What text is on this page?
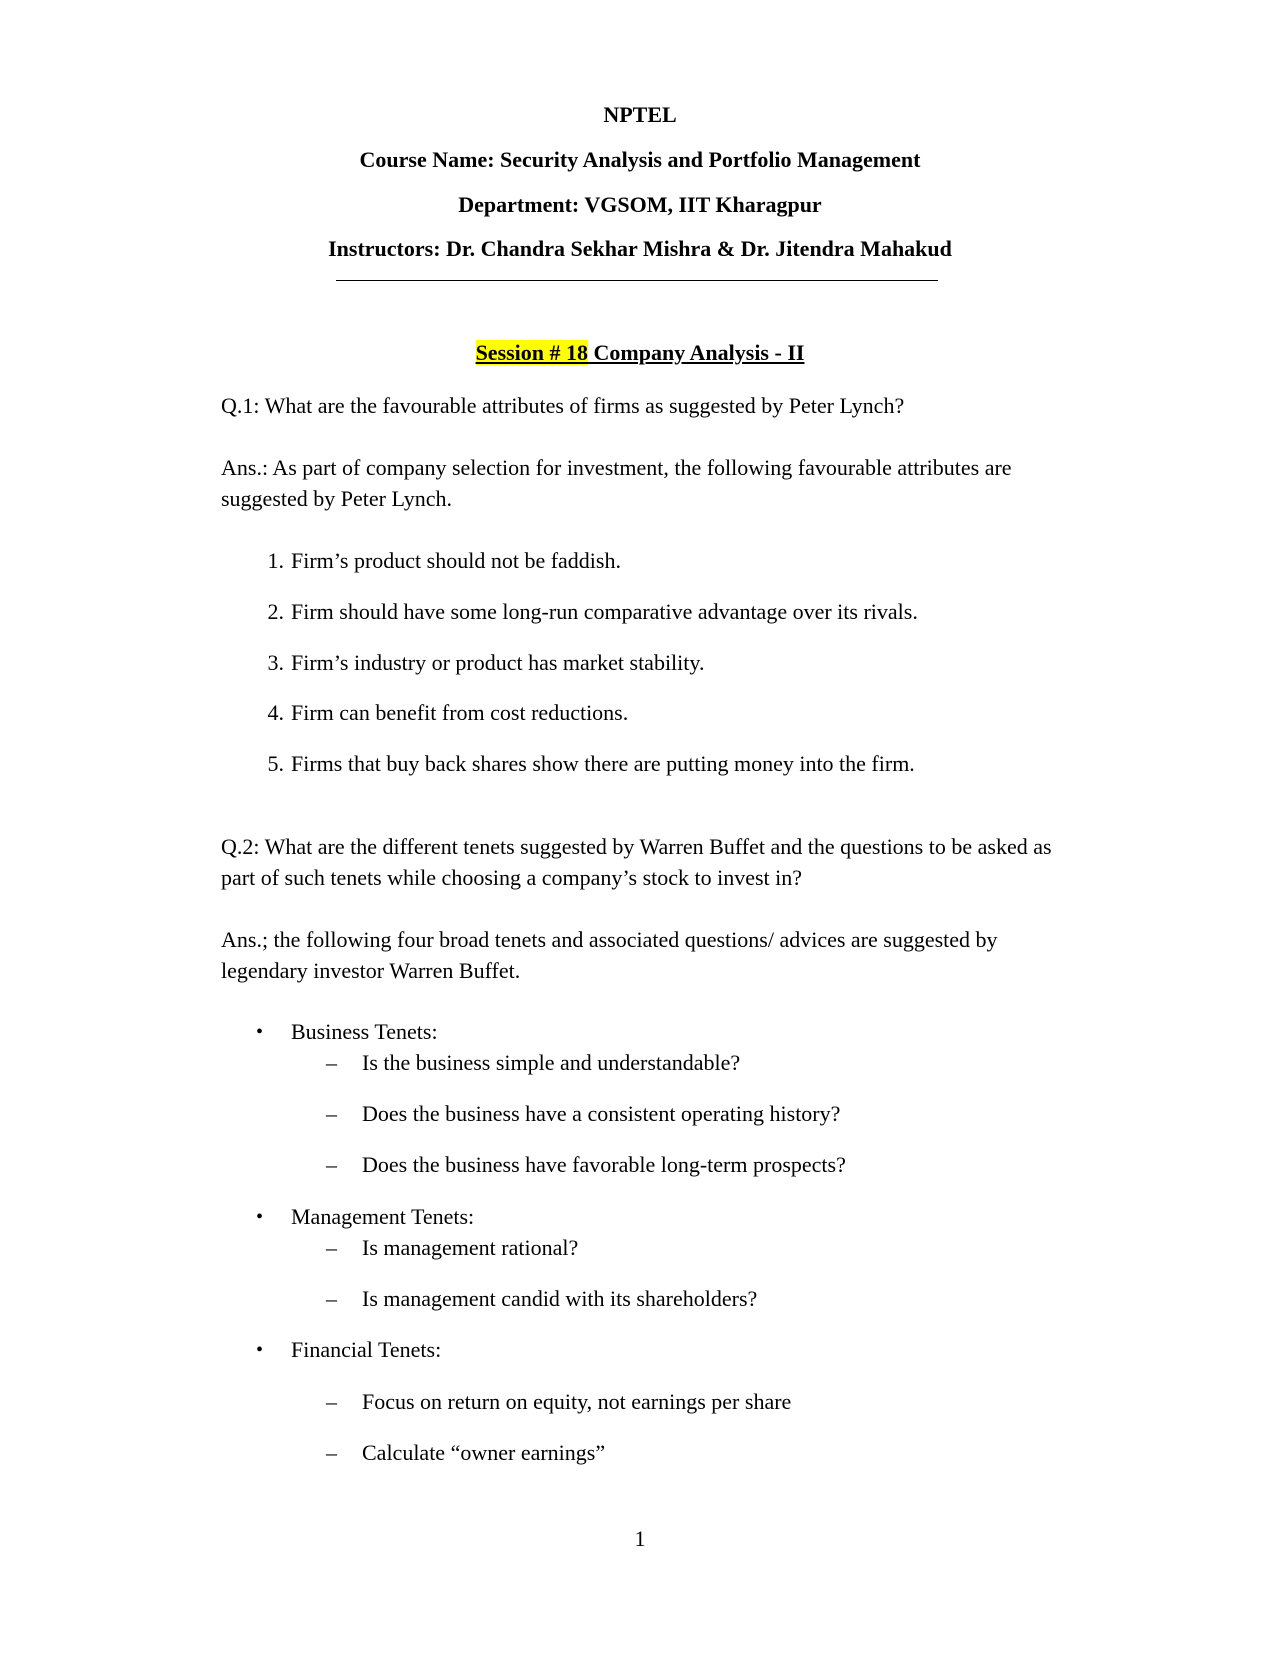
NPTEL
Course Name: Security Analysis and Portfolio Management
Department: VGSOM, IIT Kharagpur
Instructors: Dr. Chandra Sekhar Mishra & Dr. Jitendra Mahakud
Session # 18 Company Analysis - II

Q.1: What are the favourable attributes of firms as suggested by Peter Lynch?

Ans.: As part of company selection for investment, the following favourable attributes are suggested by Peter Lynch.

1. Firm’s product should not be faddish.
2. Firm should have some long-run comparative advantage over its rivals.
3. Firm’s industry or product has market stability.
4. Firm can benefit from cost reductions.
5. Firms that buy back shares show there are putting money into the firm.

Q.2: What are the different tenets suggested by Warren Buffet and the questions to be asked as part of such tenets while choosing a company’s stock to invest in?

Ans.; the following four broad tenets and associated questions/ advices are suggested by legendary investor Warren Buffet.

• Business Tenets:
– Is the business simple and understandable?
– Does the business have a consistent operating history?
– Does the business have favorable long-term prospects?
• Management Tenets:
– Is management rational?
– Is management candid with its shareholders?
• Financial Tenets:
– Focus on return on equity, not earnings per share
– Calculate “owner earnings”
1
